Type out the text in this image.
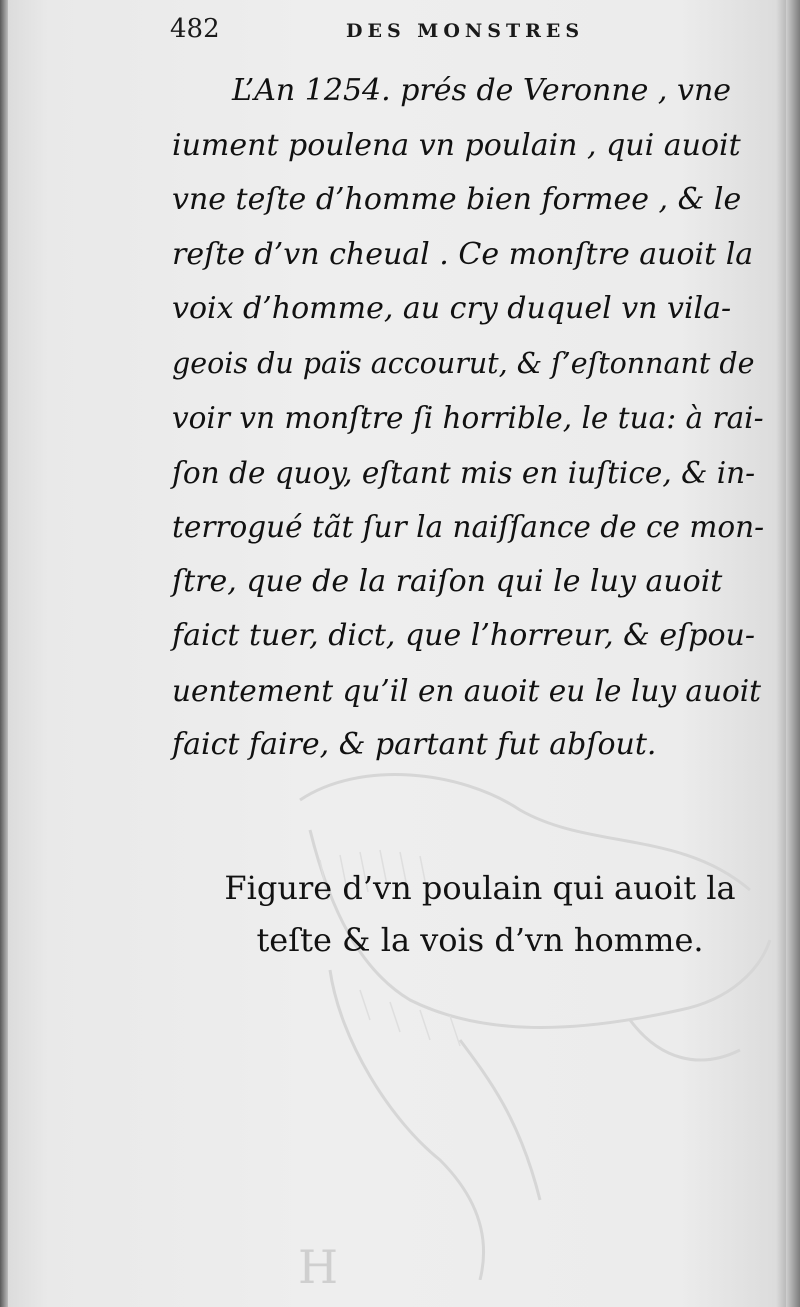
482	DES MONSTRES

L’An 1254. prés de Veronne , vne
iument poulena vn poulain , qui auoit
vne teſte d’homme bien formee , & le
reſte d’vn cheual . Ce monſtre auoit la
voix d’homme, au cry duquel vn vila-
geois du païs accourut, & ſ’eſtonnant de
voir vn monſtre ſi horrible, le tua: à rai-
ſon de quoy, eſtant mis en iuſtice, & in-
terrogué tãt ſur la naiſſance de ce mon-
ſtre, que de la raiſon qui le luy auoit
faict tuer, dict, que l’horreur, & eſpou-
uentement qu’il en auoit eu le luy auoit
faict faire, & partant fut abſout.

Figure d’vn poulain qui auoit la
teſte & la vois d’vn homme.

H
